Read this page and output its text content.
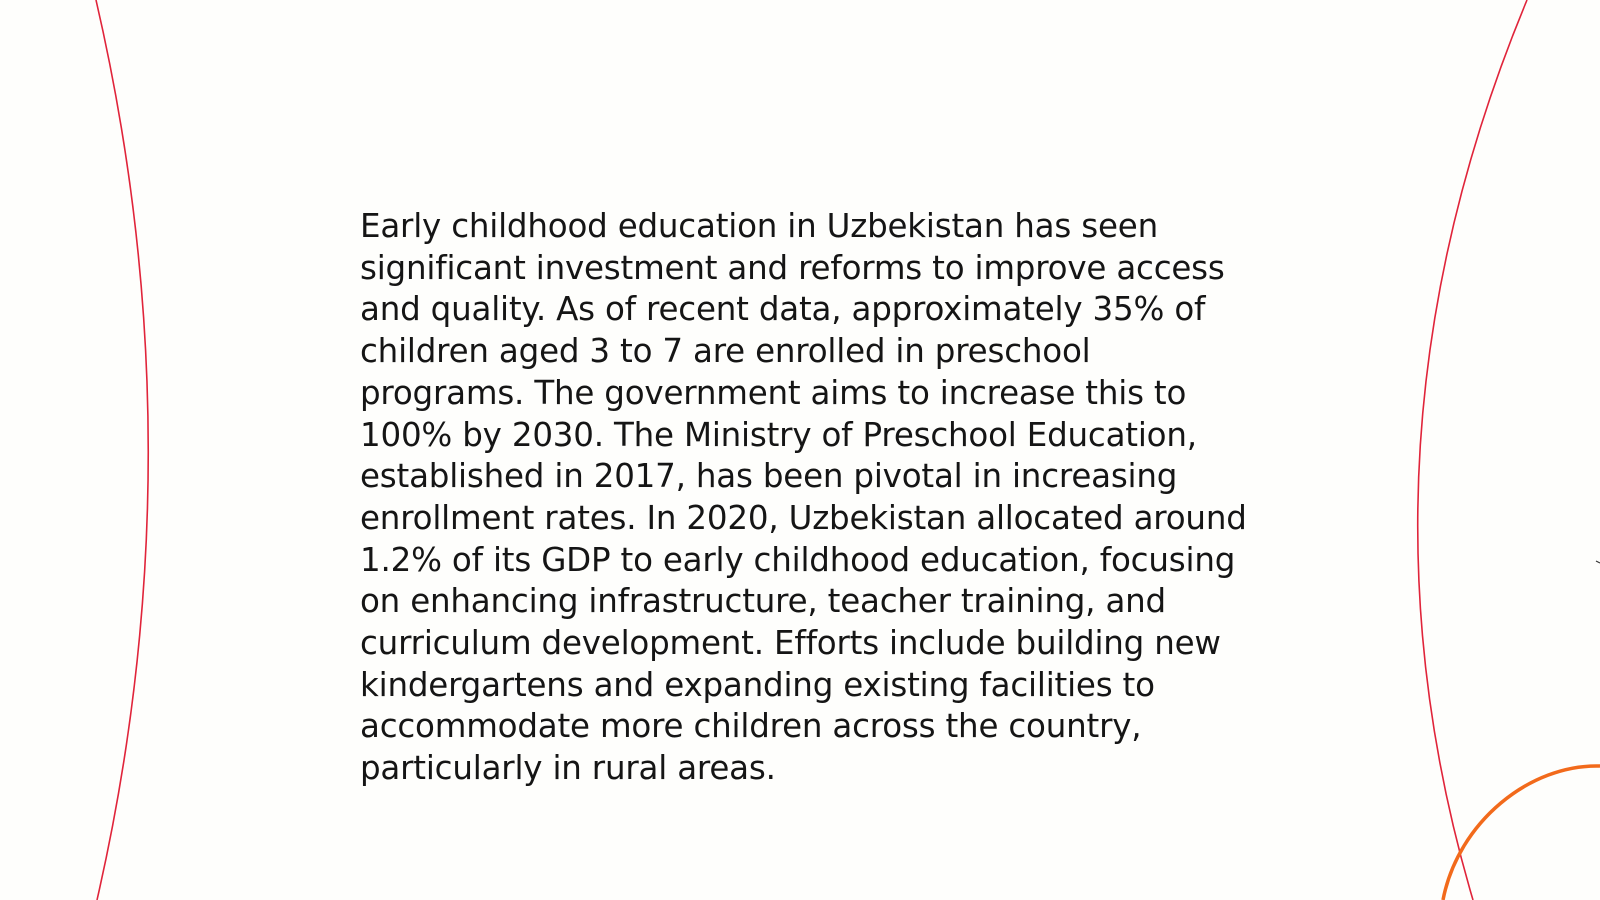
Early childhood education in Uzbekistan has seen significant investment and reforms to improve access and quality. As of recent data, approximately 35% of children aged 3 to 7 are enrolled in preschool programs. The government aims to increase this to 100% by 2030. The Ministry of Preschool Education, established in 2017, has been pivotal in increasing enrollment rates. In 2020, Uzbekistan allocated around 1.2% of its GDP to early childhood education, focusing on enhancing infrastructure, teacher training, and curriculum development. Efforts include building new kindergartens and expanding existing facilities to accommodate more children across the country, particularly in rural areas.
